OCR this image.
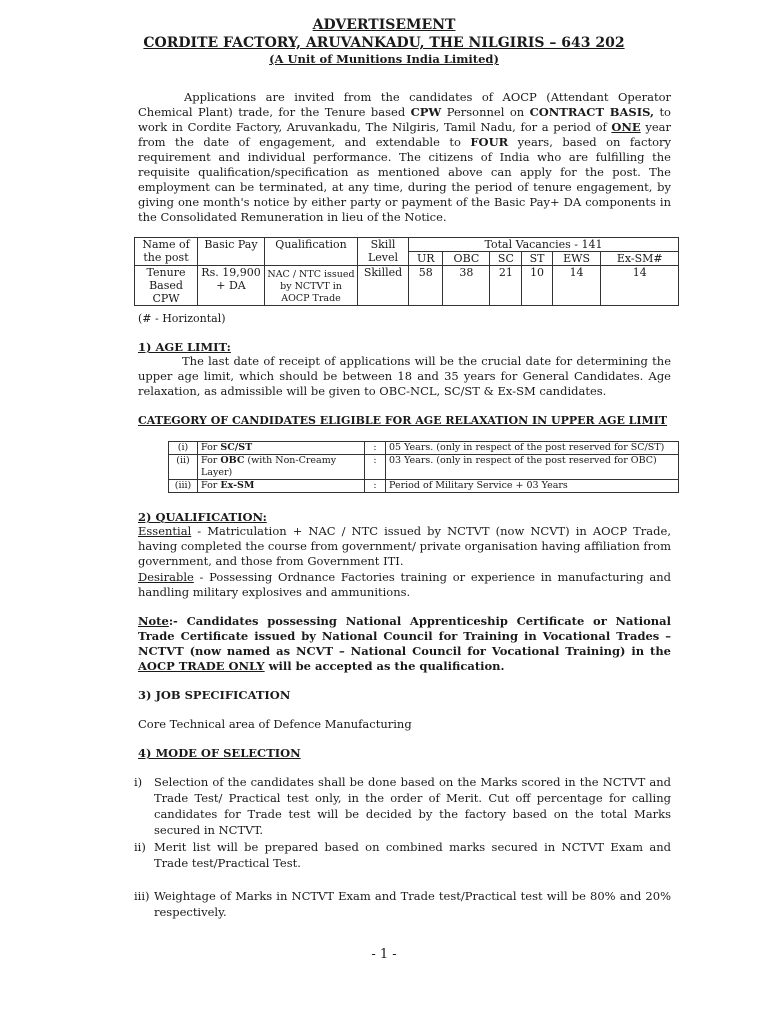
ADVERTISEMENT
CORDITE FACTORY, ARUVANKADU, THE NILGIRIS – 643 202
(A Unit of Munitions India Limited)

Applications are invited from the candidates of AOCP (Attendant Operator Chemical Plant) trade, for the Tenure based CPW Personnel on CONTRACT BASIS, to work in Cordite Factory, Aruvankadu, The Nilgiris, Tamil Nadu, for a period of ONE year from the date of engagement, and extendable to FOUR years, based on factory requirement and individual performance. The citizens of India who are fulfilling the requisite qualification/specification as mentioned above can apply for the post. The employment can be terminated, at any time, during the period of tenure engagement, by giving one month's notice by either party or payment of the Basic Pay+ DA components in the Consolidated Remuneration in lieu of the Notice.

Name of the post	Basic Pay	Qualification	Skill Level	Total Vacancies - 141					
				UR	OBC	SC	ST	EWS	Ex-SM#
Tenure Based CPW	Rs. 19,900 + DA	NAC / NTC issued by NCTVT in AOCP Trade	Skilled	58	38	21	10	14	14
(# - Horizontal)
1) AGE LIMIT:

The last date of receipt of applications will be the crucial date for determining the upper age limit, which should be between 18 and 35 years for General Candidates. Age relaxation, as admissible will be given to OBC-NCL, SC/ST & Ex-SM candidates.

CATEGORY OF CANDIDATES ELIGIBLE FOR AGE RELAXATION IN UPPER AGE LIMIT
(i)	For SC/ST	:	05 Years. (only in respect of the post reserved for SC/ST)
(ii)	For OBC (with Non-Creamy Layer)	:	03 Years. (only in respect of the post reserved for OBC)
(iii)	For Ex-SM	:	Period of Military Service + 03 Years
2) QUALIFICATION:

Essential - Matriculation + NAC / NTC issued by NCTVT (now NCVT) in AOCP Trade, having completed the course from government/ private organisation having affiliation from government, and those from Government ITI.

Desirable - Possessing Ordnance Factories training or experience in manufacturing and handling military explosives and ammunitions.

Note:- Candidates possessing National Apprenticeship Certificate or National Trade Certificate issued by National Council for Training in Vocational Trades – NCTVT (now named as NCVT – National Council for Vocational Training) in the AOCP TRADE ONLY will be accepted as the qualification.

3) JOB SPECIFICATION

Core Technical area of Defence Manufacturing

4) MODE OF SELECTION
i) Selection of the candidates shall be done based on the Marks scored in the NCTVT and Trade Test/ Practical test only, in the order of Merit. Cut off percentage for calling candidates for Trade test will be decided by the factory based on the total Marks secured in NCTVT.
ii) Merit list will be prepared based on combined marks secured in NCTVT Exam and Trade test/Practical Test.
iii) Weightage of Marks in NCTVT Exam and Trade test/Practical test will be 80% and 20% respectively.
- 1 -
